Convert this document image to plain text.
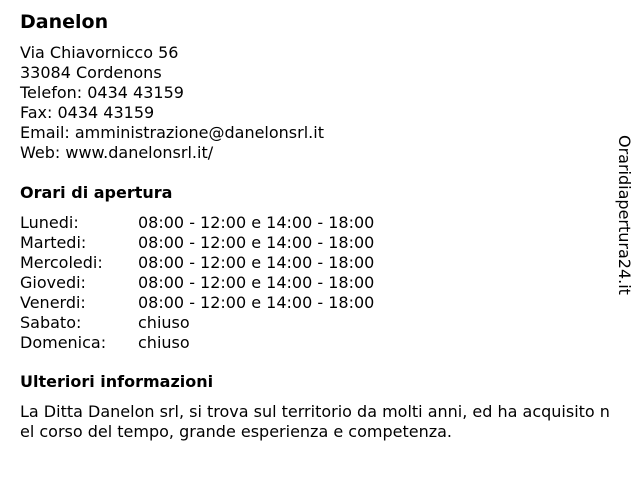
Danelon
Via Chiavornicco 56
33084 Cordenons
Telefon: 0434 43159
Fax: 0434 43159
Email: amministrazione@danelonsrl.it
Web: www.danelonsrl.it/
Orari di apertura
Lunedi:	08:00 - 12:00 e 14:00 - 18:00
Martedi:	08:00 - 12:00 e 14:00 - 18:00
Mercoledi:	08:00 - 12:00 e 14:00 - 18:00
Giovedi:	08:00 - 12:00 e 14:00 - 18:00
Venerdi:	08:00 - 12:00 e 14:00 - 18:00
Sabato:	chiuso
Domenica:	chiuso
Ulteriori informazioni
La Ditta Danelon srl, si trova sul territorio da molti anni, ed ha acquisito nel corso del tempo, grande esperienza e competenza.
Oraridiapertura24.it
